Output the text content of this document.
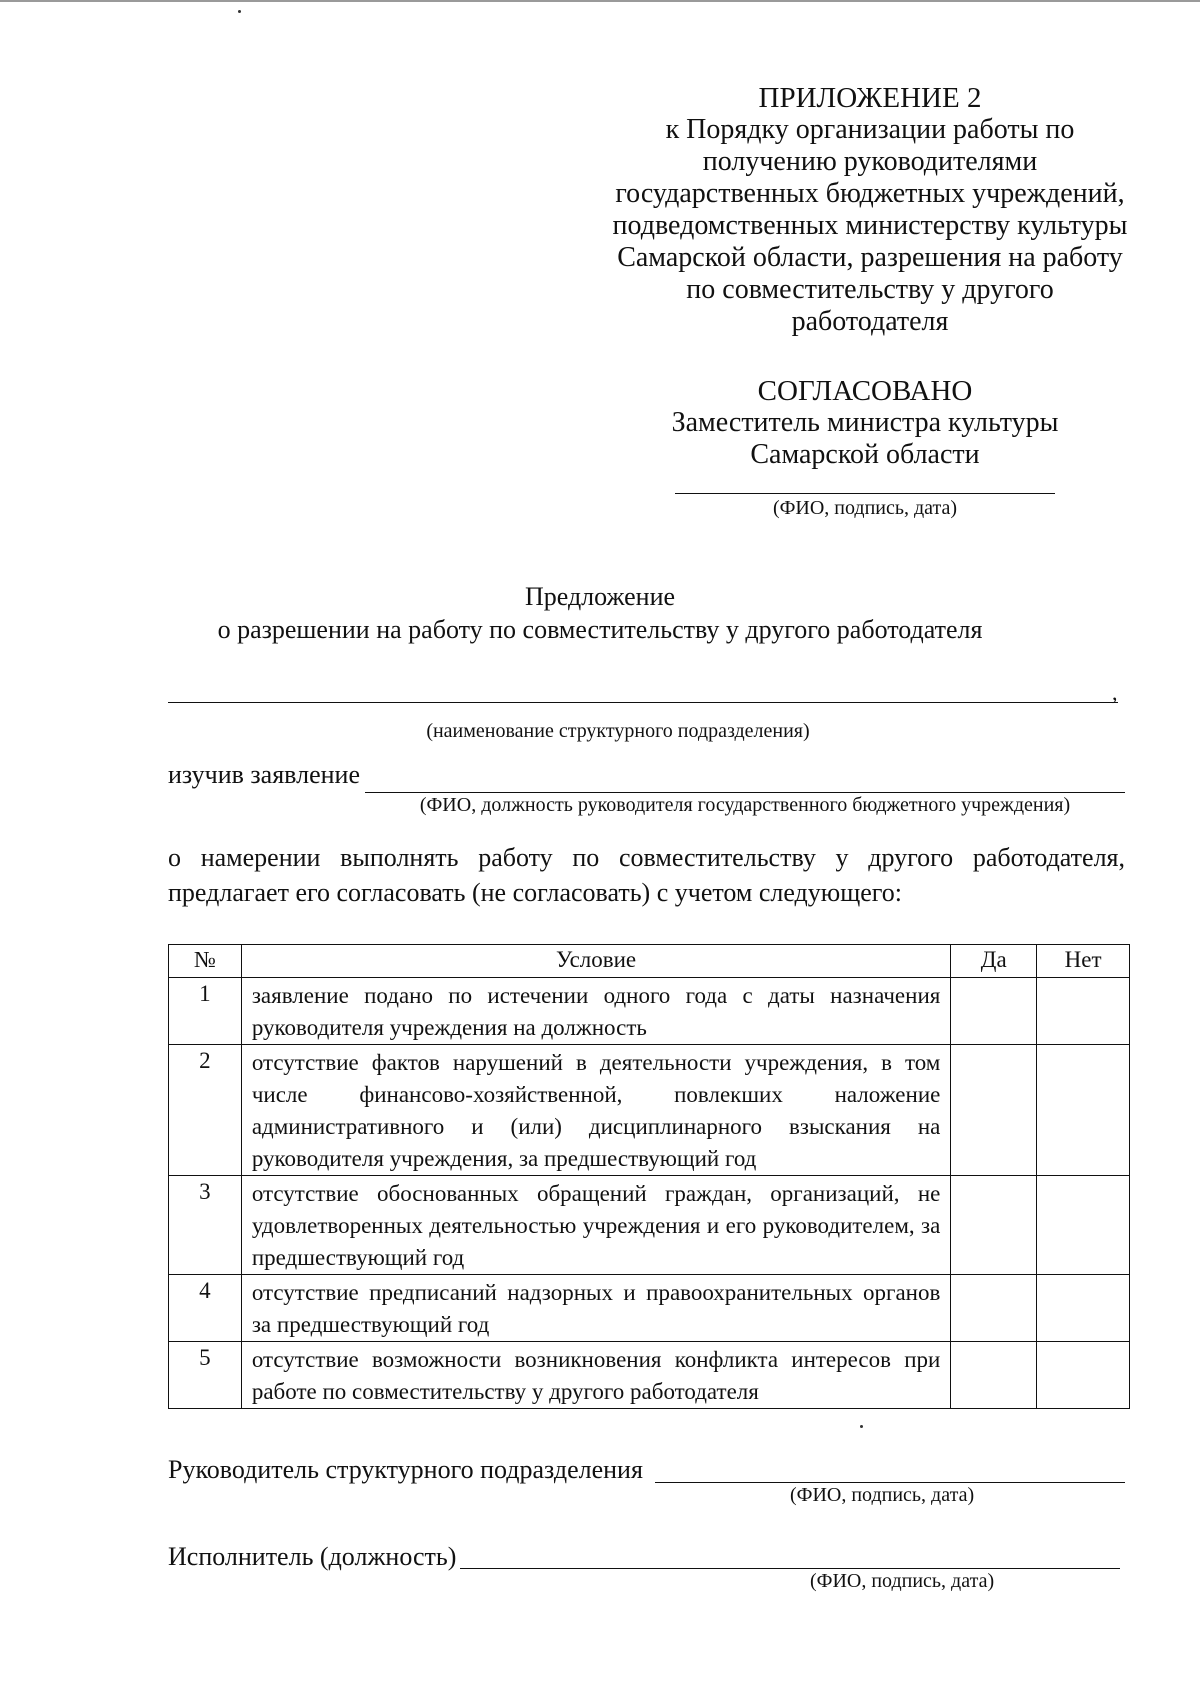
ПРИЛОЖЕНИЕ 2
к Порядку организации работы по
получению руководителями
государственных бюджетных учреждений,
подведомственных министерству культуры
Самарской области, разрешения на работу
по совместительству у другого
работодателя
СОГЛАСОВАНО
Заместитель министра культуры
Самарской области
(ФИО, подпись, дата)
Предложение
о разрешении на работу по совместительству у другого работодателя
,
(наименование структурного подразделения)
изучив заявление
(ФИО, должность руководителя государственного бюджетного учреждения)
о намерении выполнять работу по совместительству у другого работодателя,
предлагает его согласовать (не согласовать) с учетом следующего:
№	Условие	Да	Нет
1	заявление подано по истечении одного года с даты назначения руководителя учреждения на должность		
2	отсутствие фактов нарушений в деятельности учреждения, в том числе финансово-хозяйственной, повлекших наложение административного и (или) дисциплинарного взыскания на руководителя учреждения, за предшествующий год		
3	отсутствие обоснованных обращений граждан, организаций, не удовлетворенных деятельностью учреждения и его руководителем, за предшествующий год		
4	отсутствие предписаний надзорных и правоохранительных органов за предшествующий год		
5	отсутствие возможности возникновения конфликта интересов при работе по совместительству у другого работодателя		
Руководитель структурного подразделения
(ФИО, подпись, дата)
Исполнитель (должность)
(ФИО, подпись, дата)
